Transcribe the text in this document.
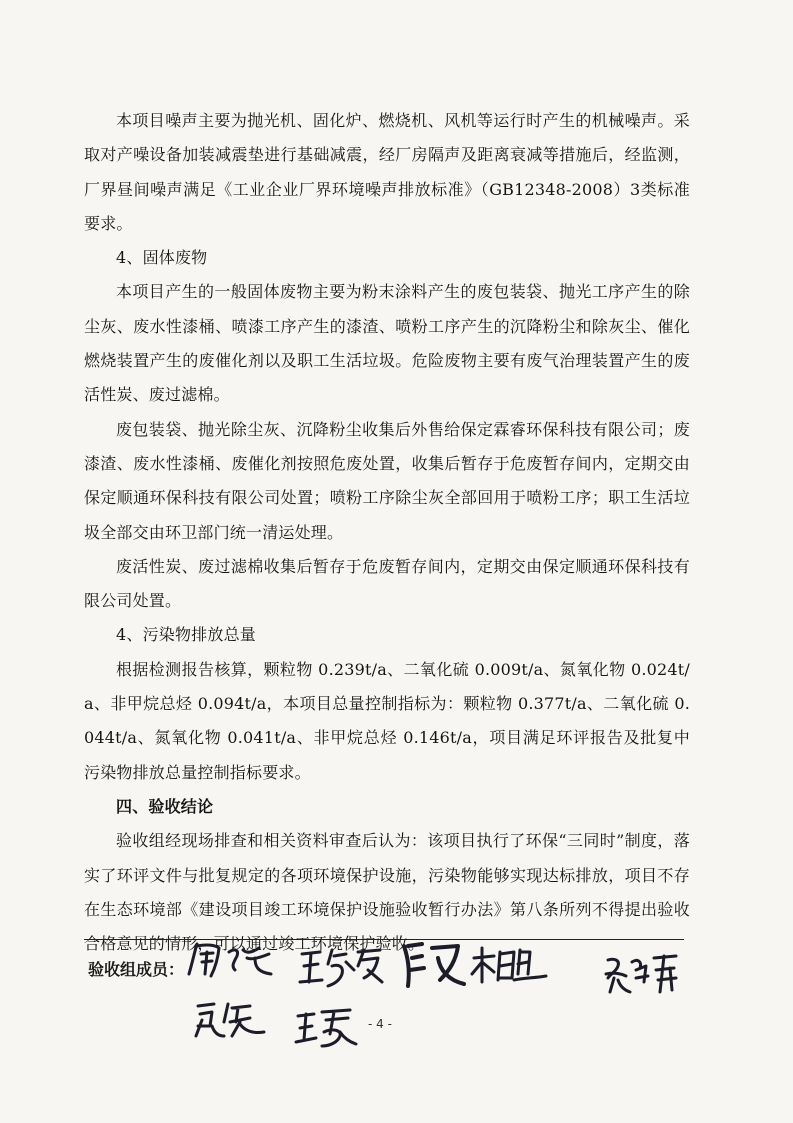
本项目噪声主要为抛光机、固化炉、燃烧机、风机等运行时产生的机械噪声。采取对产噪设备加装减震垫进行基础减震，经厂房隔声及距离衰减等措施后，经监测，厂界昼间噪声满足《工业企业厂界环境噪声排放标准》（GB12348-2008）3类标准要求。

4、固体废物

本项目产生的一般固体废物主要为粉末涂料产生的废包装袋、抛光工序产生的除尘灰、废水性漆桶、喷漆工序产生的漆渣、喷粉工序产生的沉降粉尘和除灰尘、催化燃烧装置产生的废催化剂以及职工生活垃圾。危险废物主要有废气治理装置产生的废活性炭、废过滤棉。

废包装袋、抛光除尘灰、沉降粉尘收集后外售给保定霖睿环保科技有限公司；废漆渣、废水性漆桶、废催化剂按照危废处置，收集后暂存于危废暂存间内，定期交由保定顺通环保科技有限公司处置；喷粉工序除尘灰全部回用于喷粉工序；职工生活垃圾全部交由环卫部门统一清运处理。

废活性炭、废过滤棉收集后暂存于危废暂存间内，定期交由保定顺通环保科技有限公司处置。

4、污染物排放总量

根据检测报告核算，颗粒物 0.239t/a、二氧化硫 0.009t/a、氮氧化物 0.024t/a、非甲烷总烃 0.094t/a，本项目总量控制指标为：颗粒物 0.377t/a、二氧化硫 0.044t/a、氮氧化物 0.041t/a、非甲烷总烃 0.146t/a，项目满足环评报告及批复中污染物排放总量控制指标要求。

四、验收结论

验收组经现场排查和相关资料审查后认为：该项目执行了环保“三同时”制度，落实了环评文件与批复规定的各项环境保护设施，污染物能够实现达标排放，项目不存在生态环境部《建设项目竣工环境保护设施验收暂行办法》第八条所列不得提出验收合格意见的情形，可以通过竣工环境保护验收。

验收组成员：
- 4 -
